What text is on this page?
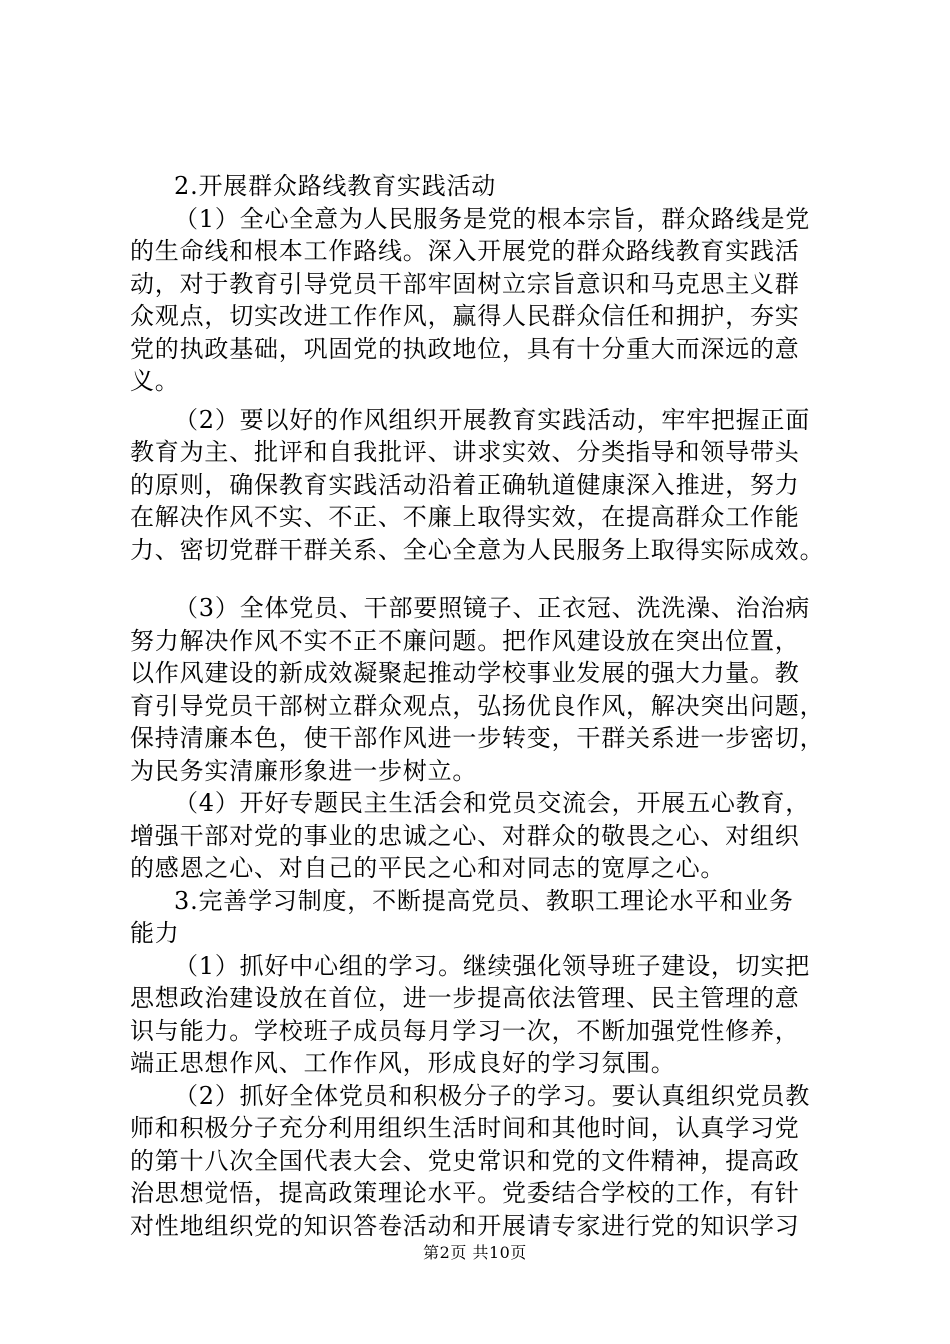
2.开展群众路线教育实践活动
（1）全心全意为人民服务是党的根本宗旨，群众路线是党
的生命线和根本工作路线。深入开展党的群众路线教育实践活
动，对于教育引导党员干部牢固树立宗旨意识和马克思主义群
众观点，切实改进工作作风，赢得人民群众信任和拥护，夯实
党的执政基础，巩固党的执政地位，具有十分重大而深远的意
义。
（2）要以好的作风组织开展教育实践活动，牢牢把握正面
教育为主、批评和自我批评、讲求实效、分类指导和领导带头
的原则，确保教育实践活动沿着正确轨道健康深入推进，努力
在解决作风不实、不正、不廉上取得实效，在提高群众工作能
力、密切党群干群关系、全心全意为人民服务上取得实际成效。
（3）全体党员、干部要照镜子、正衣冠、洗洗澡、治治病
努力解决作风不实不正不廉问题。把作风建设放在突出位置，
以作风建设的新成效凝聚起推动学校事业发展的强大力量。教
育引导党员干部树立群众观点，弘扬优良作风，解决突出问题，
保持清廉本色，使干部作风进一步转变，干群关系进一步密切，
为民务实清廉形象进一步树立。
（4）开好专题民主生活会和党员交流会，开展五心教育，
增强干部对党的事业的忠诚之心、对群众的敬畏之心、对组织
的感恩之心、对自己的平民之心和对同志的宽厚之心。
3.完善学习制度，不断提高党员、教职工理论水平和业务
能力
（1）抓好中心组的学习。继续强化领导班子建设，切实把
思想政治建设放在首位，进一步提高依法管理、民主管理的意
识与能力。学校班子成员每月学习一次，不断加强党性修养，
端正思想作风、工作作风，形成良好的学习氛围。
（2）抓好全体党员和积极分子的学习。要认真组织党员教
师和积极分子充分利用组织生活时间和其他时间，认真学习党
的第十八次全国代表大会、党史常识和党的文件精神，提高政
治思想觉悟，提高政策理论水平。党委结合学校的工作，有针
对性地组织党的知识答卷活动和开展请专家进行党的知识学习
第2页 共10页
